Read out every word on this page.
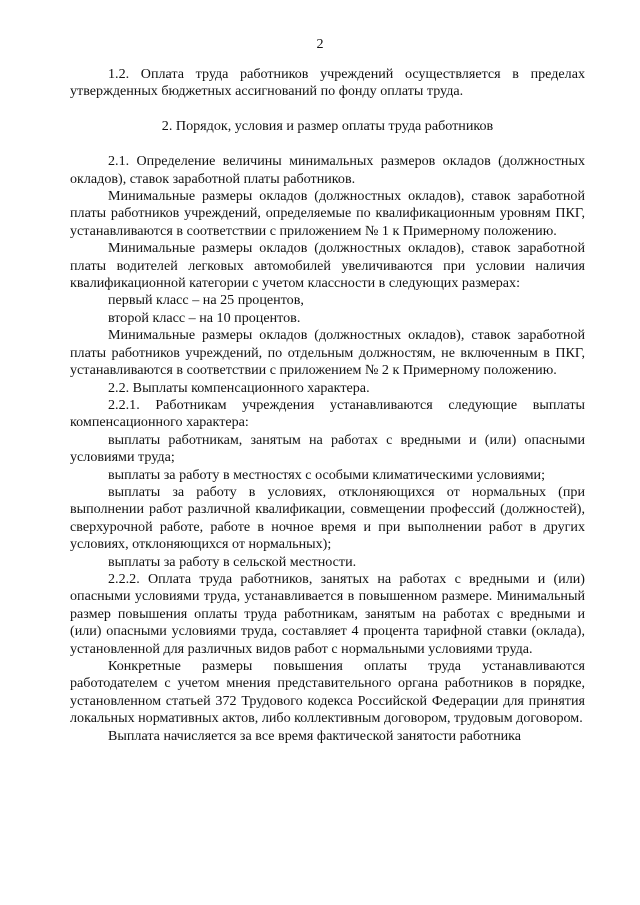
2

1.2. Оплата труда работников учреждений осуществляется в пределах утвержденных бюджетных ассигнований по фонду оплаты труда.

2. Порядок, условия и размер оплаты труда работников

2.1. Определение величины минимальных размеров окладов (должностных окладов), ставок заработной платы работников.

Минимальные размеры окладов (должностных окладов), ставок заработной платы работников учреждений, определяемые по квалификационным уровням ПКГ, устанавливаются в соответствии с приложением № 1 к Примерному положению.

Минимальные размеры окладов (должностных окладов), ставок заработной платы водителей легковых автомобилей увеличиваются при условии наличия квалификационной категории с учетом классности в следующих размерах:

первый класс – на 25 процентов,

второй класс – на 10 процентов.

Минимальные размеры окладов (должностных окладов), ставок заработной платы работников учреждений, по отдельным должностям, не включенным в ПКГ, устанавливаются в соответствии с приложением № 2 к Примерному положению.

2.2. Выплаты компенсационного характера.

2.2.1. Работникам учреждения устанавливаются следующие выплаты компенсационного характера:

выплаты работникам, занятым на работах с вредными и (или) опасными условиями труда;

выплаты за работу в местностях с особыми климатическими условиями;

выплаты за работу в условиях, отклоняющихся от нормальных (при выполнении работ различной квалификации, совмещении профессий (должностей), сверхурочной работе, работе в ночное время и при выполнении работ в других условиях, отклоняющихся от нормальных);

выплаты за работу в сельской местности.

2.2.2. Оплата труда работников, занятых на работах с вредными и (или) опасными условиями труда, устанавливается в повышенном размере. Минимальный размер повышения оплаты труда работникам, занятым на работах с вредными и (или) опасными условиями труда, составляет 4 процента тарифной ставки (оклада), установленной для различных видов работ с нормальными условиями труда.

Конкретные размеры повышения оплаты труда устанавливаются работодателем с учетом мнения представительного органа работников в порядке, установленном статьей 372 Трудового кодекса Российской Федерации для принятия локальных нормативных актов, либо коллективным договором, трудовым договором.

Выплата начисляется за все время фактической занятости работника
